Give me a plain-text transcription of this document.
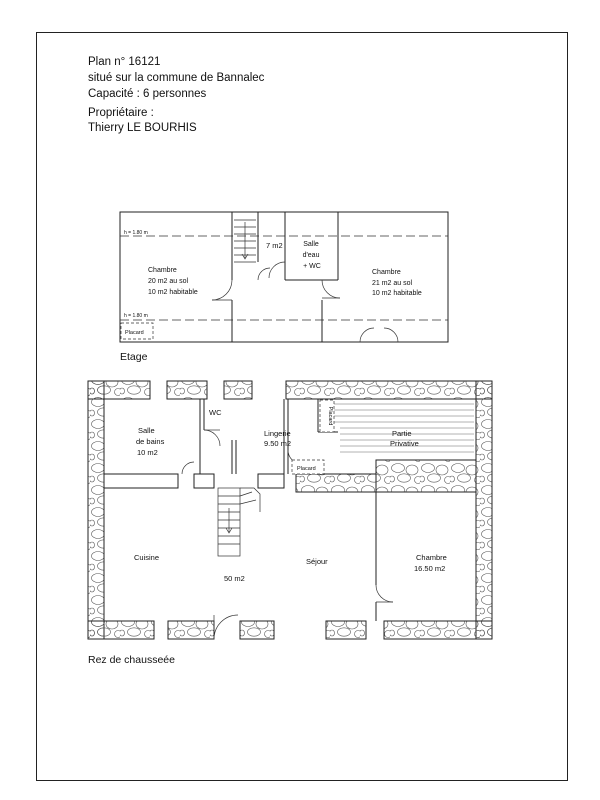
Plan n° 16121
situé sur la commune de Bannalec
Capacité : 6 personnes
Propriétaire :
Thierry LE BOURHIS
Placard
h = 1.80 m
h = 1.80 m
7 m2	Salle d'eau + WC
Chambre 20 m2 au sol 10 m2 habitable
Chambre 21 m2 au sol 10 m2 habitable
Etage
Placard
Placard
Salle de bains 10 m2
WC
Lingerie 9.50 m2
Partie Privative
Cuisine	Séjour
50 m2
Chambre 16.50 m2
Rez de chausseée
